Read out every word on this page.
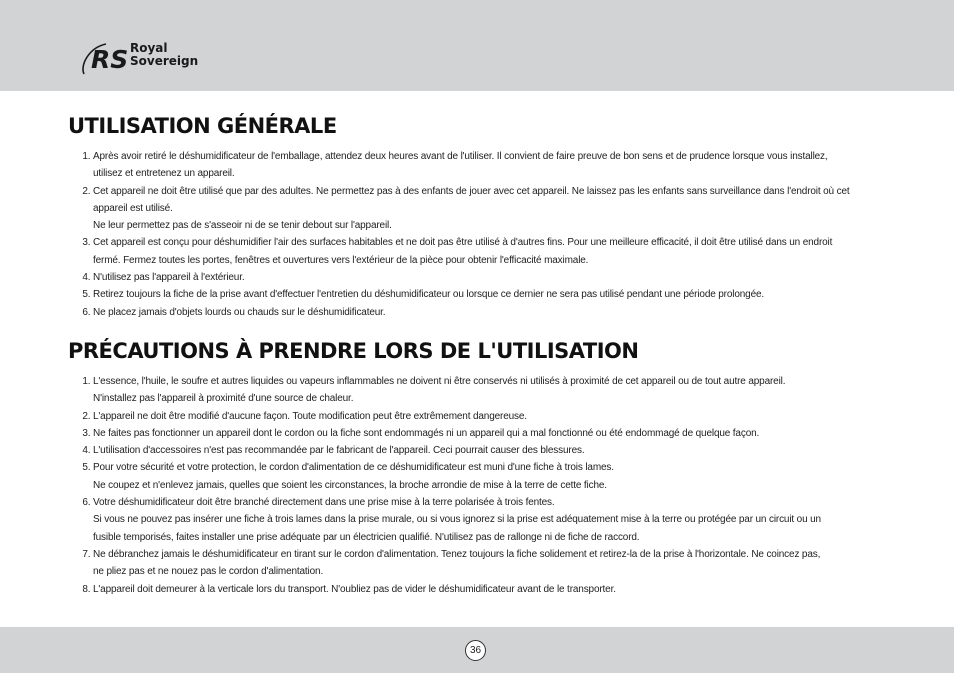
RS Royal
Sovereign
UTILISATION GÉNÉRALE
1. Après avoir retiré le déshumidificateur de l'emballage, attendez deux heures avant de l'utiliser. Il convient de faire preuve de bon sens et de prudence lorsque vous installez,
utilisez et entretenez un appareil.
2. Cet appareil ne doit être utilisé que par des adultes. Ne permettez pas à des enfants de jouer avec cet appareil. Ne laissez pas les enfants sans surveillance dans l'endroit où cet
appareil est utilisé.
Ne leur permettez pas de s'asseoir ni de se tenir debout sur l'appareil.
3. Cet appareil est conçu pour déshumidifier l'air des surfaces habitables et ne doit pas être utilisé à d'autres fins. Pour une meilleure efficacité, il doit être utilisé dans un endroit
fermé. Fermez toutes les portes, fenêtres et ouvertures vers l'extérieur de la pièce pour obtenir l'efficacité maximale.
4. N'utilisez pas l'appareil à l'extérieur.
5. Retirez toujours la fiche de la prise avant d'effectuer l'entretien du déshumidificateur ou lorsque ce dernier ne sera pas utilisé pendant une période prolongée.
6. Ne placez jamais d'objets lourds ou chauds sur le déshumidificateur.
PRÉCAUTIONS À PRENDRE LORS DE L'UTILISATION
1. L'essence, l'huile, le soufre et autres liquides ou vapeurs inflammables ne doivent ni être conservés ni utilisés à proximité de cet appareil ou de tout autre appareil.
N'installez pas l'appareil à proximité d'une source de chaleur.
2. L'appareil ne doit être modifié d'aucune façon. Toute modification peut être extrêmement dangereuse.
3. Ne faites pas fonctionner un appareil dont le cordon ou la fiche sont endommagés ni un appareil qui a mal fonctionné ou été endommagé de quelque façon.
4. L'utilisation d'accessoires n'est pas recommandée par le fabricant de l'appareil. Ceci pourrait causer des blessures.
5. Pour votre sécurité et votre protection, le cordon d'alimentation de ce déshumidificateur est muni d'une fiche à trois lames.
Ne coupez et n'enlevez jamais, quelles que soient les circonstances, la broche arrondie de mise à la terre de cette fiche.
6. Votre déshumidificateur doit être branché directement dans une prise mise à la terre polarisée à trois fentes.
Si vous ne pouvez pas insérer une fiche à trois lames dans la prise murale, ou si vous ignorez si la prise est adéquatement mise à la terre ou protégée par un circuit ou un
fusible temporisés, faites installer une prise adéquate par un électricien qualifié. N'utilisez pas de rallonge ni de fiche de raccord.
7. Ne débranchez jamais le déshumidificateur en tirant sur le cordon d'alimentation. Tenez toujours la fiche solidement et retirez-la de la prise à l'horizontale. Ne coincez pas,
ne pliez pas et ne nouez pas le cordon d'alimentation.
8. L'appareil doit demeurer à la verticale lors du transport. N'oubliez pas de vider le déshumidificateur avant de le transporter.
36
